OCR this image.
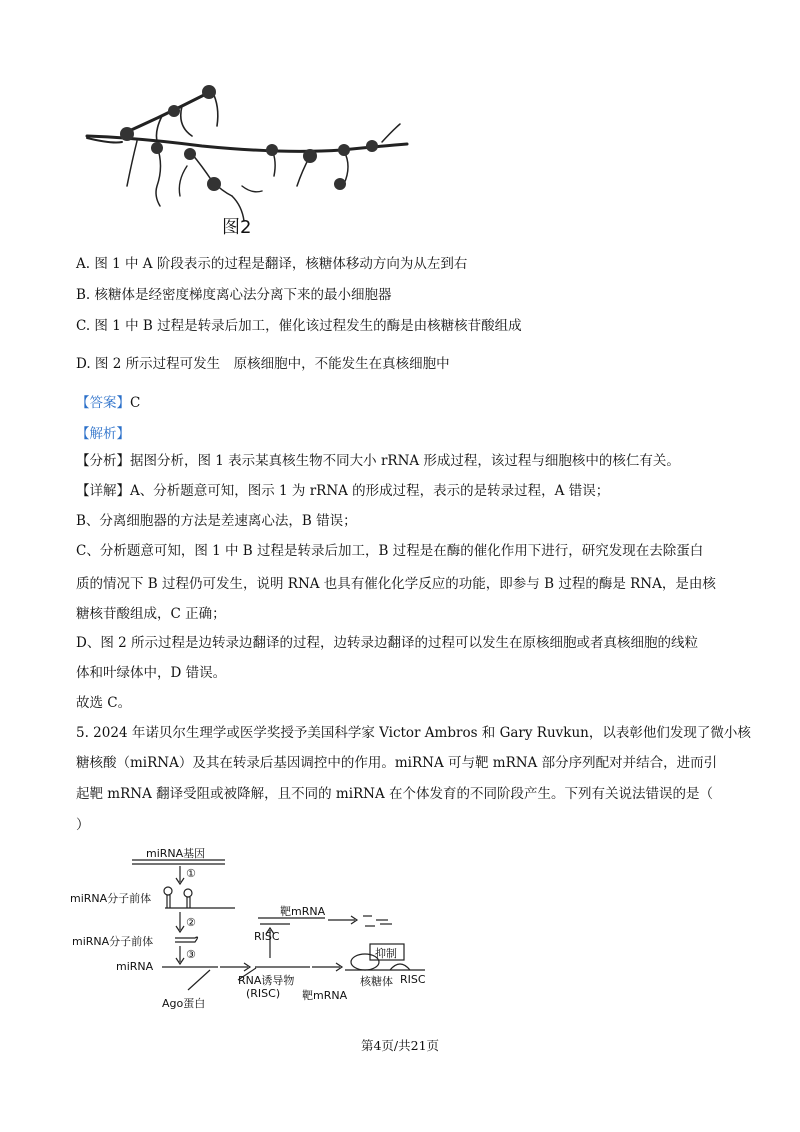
图2
A. 图 1 中 A 阶段表示的过程是翻译，核糖体移动方向为从左到右
B. 核糖体是经密度梯度离心法分离下来的最小细胞器
C. 图 1 中 B 过程是转录后加工，催化该过程发生的酶是由核糖核苷酸组成
D. 图 2 所示过程可发生　原核细胞中，不能发生在真核细胞中
【答案】C
【解析】
【分析】据图分析，图 1 表示某真核生物不同大小 rRNA 形成过程，该过程与细胞核中的核仁有关。
【详解】A、分析题意可知，图示 1 为 rRNA 的形成过程，表示的是转录过程，A 错误；
B、分离细胞器的方法是差速离心法，B 错误；
C、分析题意可知，图 1 中 B 过程是转录后加工，B 过程是在酶的催化作用下进行，研究发现在去除蛋白
质的情况下 B 过程仍可发生，说明 RNA 也具有催化化学反应的功能，即参与 B 过程的酶是 RNA，是由核
糖核苷酸组成，C 正确；
D、图 2 所示过程是边转录边翻译的过程，边转录边翻译的过程可以发生在原核细胞或者真核细胞的线粒
体和叶绿体中，D 错误。
故选 C。
5. 2024 年诺贝尔生理学或医学奖授予美国科学家 Victor Ambros 和 Gary Ruvkun，以表彰他们发现了微小核
糖核酸（miRNA）及其在转录后基因调控中的作用。miRNA 可与靶 mRNA 部分序列配对并结合，进而引
起靶 mRNA 翻译受阻或被降解，且不同的 miRNA 在个体发育的不同阶段产生。下列有关说法错误的是（
）
miRNA基因
①
miRNA分子前体
②
miRNA分子前体
③
miRNA
靶mRNA
RISC
RNA诱导物
(RISC) 靶mRNA
抑制
核糖体 RISC
Ago蛋白
第4页/共21页
